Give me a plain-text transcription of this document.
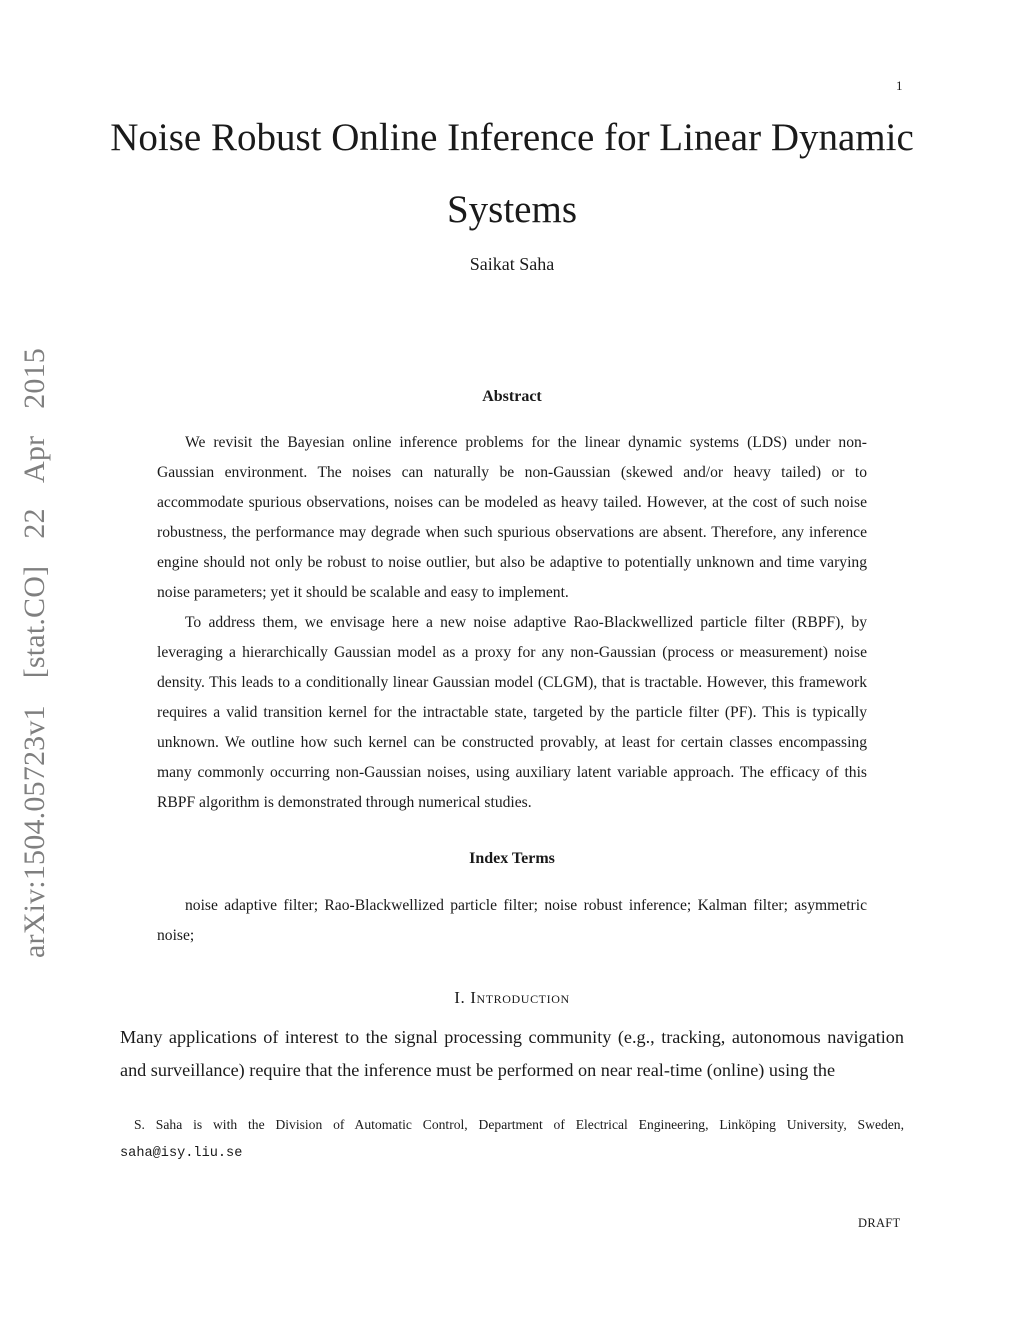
1
arXiv:1504.05723v1 [stat.CO] 22 Apr 2015
Noise Robust Online Inference for Linear Dynamic Systems
Saikat Saha
Abstract

We revisit the Bayesian online inference problems for the linear dynamic systems (LDS) under non-Gaussian environment. The noises can naturally be non-Gaussian (skewed and/or heavy tailed) or to accommodate spurious observations, noises can be modeled as heavy tailed. However, at the cost of such noise robustness, the performance may degrade when such spurious observations are absent. Therefore, any inference engine should not only be robust to noise outlier, but also be adaptive to potentially unknown and time varying noise parameters; yet it should be scalable and easy to implement.

To address them, we envisage here a new noise adaptive Rao-Blackwellized particle filter (RBPF), by leveraging a hierarchically Gaussian model as a proxy for any non-Gaussian (process or measurement) noise density. This leads to a conditionally linear Gaussian model (CLGM), that is tractable. However, this framework requires a valid transition kernel for the intractable state, targeted by the particle filter (PF). This is typically unknown. We outline how such kernel can be constructed provably, at least for certain classes encompassing many commonly occurring non-Gaussian noises, using auxiliary latent variable approach. The efficacy of this RBPF algorithm is demonstrated through numerical studies.

Index Terms

noise adaptive filter; Rao-Blackwellized particle filter; noise robust inference; Kalman filter; asymmetric noise;

I. Introduction

Many applications of interest to the signal processing community (e.g., tracking, autonomous navigation and surveillance) require that the inference must be performed on near real-time (online) using the

S. Saha is with the Division of Automatic Control, Department of Electrical Engineering, Linköping University, Sweden, saha@isy.liu.se

DRAFT
